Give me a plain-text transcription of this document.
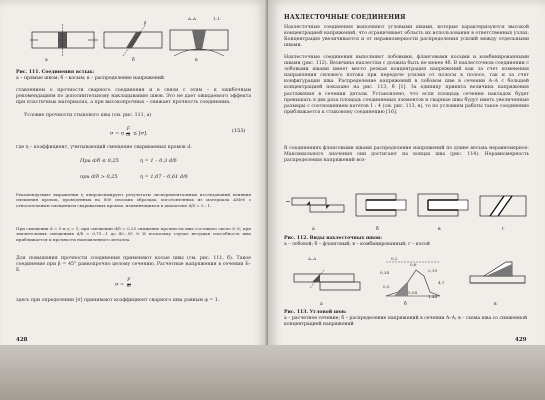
β
А–А	1–1
a	б	в
Рис. 111. Соединения встык:
а – прямые швом; б – косым; в – распределение напряжений
ставлением о прочности сварного соединения и в связи с этим – к ошибочным рекомендациям по дополнительному накладыванию швов. Это не дает ожидаемого эффекта при пластичных материалах, а при высокопрочных – снижает прочность соединения.
Условие прочности стыкового шва (см. рис. 111, а)
σ = η $\frac{F}{\delta l} \le [\sigma]$,	(153)
где η – коэффициент, учитывающий смещение свариваемых кромок d.
При d/δ ≤ 0,25	η = 1 – 0,3 d/δ
при d/δ > 0,25	η = 1,07 – 0,61 d/δ
Рекомендуемые выражения η аппроксимируют результаты экспериментальных исследований влияния смещения кромок, проведенных на 800 плоских образцах, изготовленных из материала АМг6 с относительным смещением свариваемых кромок, изменяющимся в диапазоне d/δ = 0...1.
При смещении d = 0 и η = 1; при смещении d/δ = 0,25 снижение прочности шва составило около 8 %; при значительных смещениях d/δ = 0,75...1 до 40...55 % И поскольку случае несущая способность шва приближается к прочности наплавленного металла.
Для повышения прочности соединения применяют косые швы (см. рис. 111, б). Такое соединение при β = 45° равнопрочно целому сечению. Расчетные напряжения в сечении Б–Б
$\sigma = \frac{F}{\delta l}$
здесь при определении [σ] принимают коэффициент сварного шва равным φ = 1.
428
НАХЛЕСТОЧНЫЕ СОЕДИНЕНИЯ
Нахлесточные соединения выполняют угловыми швами, которые характеризуются высокой концентрацией напряжений, что ограничивает область их использования в ответственных узлах. Концентрация увеличивается и от неравномерности распределения усилий между отдельными швами.
Нахлесточные соединения выполняют лобовыми, фланговыми косыми и комбинированными швами (рис. 112). Величина нахлестки с должна быть не менее 4δ. В нахлесточном соединении с лобовыми швами имеет место резкая концентрация напряжений как за счет изменения направления силового потока при передаче усилия от полосы к полосе, так и за счет конфигурации шва. Распределение напряжений в лобовом шве в сечении А–А с большей концентрацией показано на рис. 113, б [1]. За единицу принята величина напряжения растяжения в сечении детали. Установлено, что если площадь сечения накладок будет превышать в два раза площадь соединяемых элементов и сварные швы будут иметь увеличенные размеры с соотношением катетов 1 : 4 (см. рис. 113, в), то по условиям работы такое соединение приближается к стыковому соединению [16].
В соединениях фланговыми швами распределение напряжений по длине весьма неравномерное. Максимального значения они достигают на концах шва (рис. 114). Неравномерность распределения напряжений воз-
а	б	в	г
Рис. 112. Виды нахлесточных швов:
а – лобовой; б – фланговый; в – комбинированный; г – косой
0,2
0,6
0,34	2,19
4,7
0,3
5,04
1,44
А–А
а	б	в
Рис. 113. Угловой шов:
а – расчетное сечение; б – распределение напряжений в сечении А–А; в – схема шва со сниженной концентрацией напряжений
429
